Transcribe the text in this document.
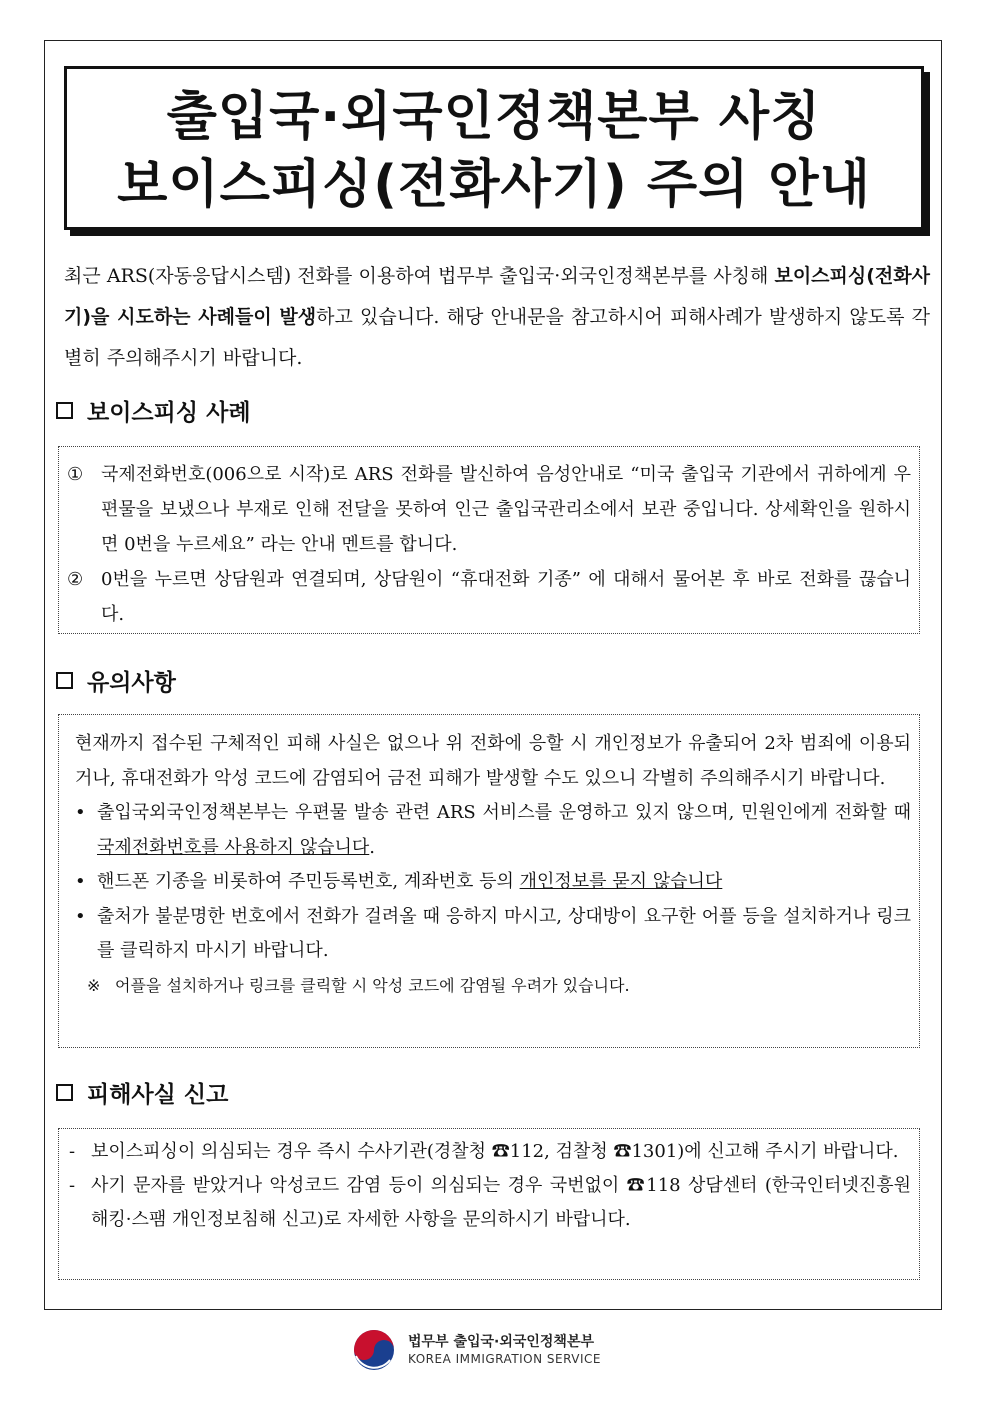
출입국·외국인정책본부 사칭
보이스피싱(전화사기) 주의 안내
최근 ARS(자동응답시스템) 전화를 이용하여 법무부 출입국·외국인정책본부를 사칭해 보이스피싱(전화사기)을 시도하는 사례들이 발생하고 있습니다. 해당 안내문을 참고하시어 피해사례가 발생하지 않도록 각별히 주의해주시기 바랍니다.
보이스피싱 사례
① 국제전화번호(006으로 시작)로 ARS 전화를 발신하여 음성안내로 “미국 출입국 기관에서 귀하에게 우편물을 보냈으나 부재로 인해 전달을 못하여 인근 출입국관리소에서 보관 중입니다. 상세확인을 원하시면 0번을 누르세요” 라는 안내 멘트를 합니다.
② 0번을 누르면 상담원과 연결되며, 상담원이 “휴대전화 기종” 에 대해서 물어본 후 바로 전화를 끊습니다.
유의사항
현재까지 접수된 구체적인 피해 사실은 없으나 위 전화에 응할 시 개인정보가 유출되어 2차 범죄에 이용되거나, 휴대전화가 악성 코드에 감염되어 금전 피해가 발생할 수도 있으니 각별히 주의해주시기 바랍니다.
• 출입국외국인정책본부는 우편물 발송 관련 ARS 서비스를 운영하고 있지 않으며, 민원인에게 전화할 때 국제전화번호를 사용하지 않습니다.
• 핸드폰 기종을 비롯하여 주민등록번호, 계좌번호 등의 개인정보를 묻지 않습니다
• 출처가 불분명한 번호에서 전화가 걸려올 때 응하지 마시고, 상대방이 요구한 어플 등을 설치하거나 링크를 클릭하지 마시기 바랍니다.
※ 어플을 설치하거나 링크를 클릭할 시 악성 코드에 감염될 우려가 있습니다.
피해사실 신고
- 보이스피싱이 의심되는 경우 즉시 수사기관(경찰청 ☎112, 검찰청 ☎1301)에 신고해 주시기 바랍니다.
- 사기 문자를 받았거나 악성코드 감염 등이 의심되는 경우 국번없이 ☎118 상담센터 (한국인터넷진흥원 해킹·스팸 개인정보침해 신고)로 자세한 사항을 문의하시기 바랍니다.
법무부 출입국·외국인정책본부
KOREA IMMIGRATION SERVICE
